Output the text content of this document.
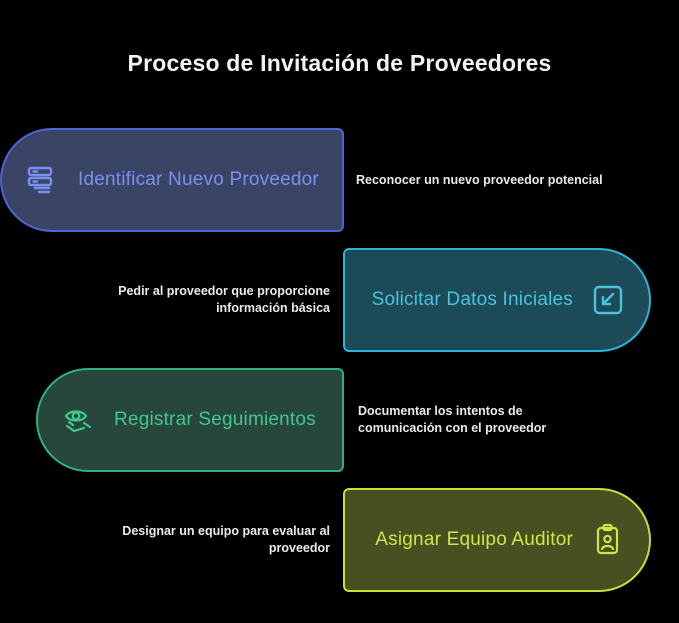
Proceso de Invitación de Proveedores
Identificar Nuevo Proveedor	Reconocer un nuevo proveedor potencial
Pedir al proveedor que proporcione información básica Solicitar Datos Iniciales
Registrar Seguimientos	Documentar los intentos de comunicación con el proveedor
Designar un equipo para evaluar al proveedor Asignar Equipo Auditor
